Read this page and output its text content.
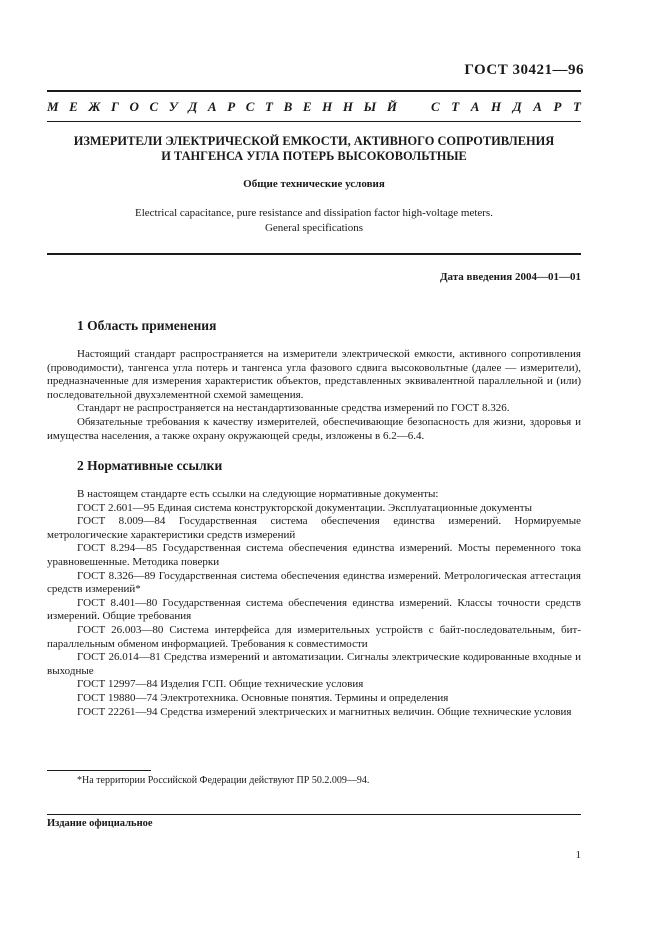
ГОСТ 30421—96
М Е Ж Г О С У Д А Р С Т В Е Н Н Ы Й	С Т А Н Д А Р Т
ИЗМЕРИТЕЛИ ЭЛЕКТРИЧЕСКОЙ ЕМКОСТИ, АКТИВНОГО СОПРОТИВЛЕНИЯ
И ТАНГЕНСА УГЛА ПОТЕРЬ ВЫСОКОВОЛЬТНЫЕ
Общие технические условия
Electrical capacitance, pure resistance and dissipation factor high-voltage meters.
General specifications
Дата введения 2004—01—01
1 Область применения

Настоящий стандарт распространяется на измерители электрической емкости, активного сопротивления (проводимости), тангенса угла потерь и тангенса угла фазового сдвига высоковольтные (далее — измерители), предназначенные для измерения характеристик объектов, представленных эквивалентной параллельной и (или) последовательной двухэлементной схемой замещения.

Стандарт не распространяется на нестандартизованные средства измерений по ГОСТ 8.326.

Обязательные требования к качеству измерителей, обеспечивающие безопасность для жизни, здоровья и имущества населения, а также охрану окружающей среды, изложены в 6.2—6.4.

2 Нормативные ссылки

В настоящем стандарте есть ссылки на следующие нормативные документы:

ГОСТ 2.601—95 Единая система конструкторской документации. Эксплуатационные документы

ГОСТ 8.009—84 Государственная система обеспечения единства измерений. Нормируемые метрологические характеристики средств измерений

ГОСТ 8.294—85 Государственная система обеспечения единства измерений. Мосты переменного тока уравновешенные. Методика поверки

ГОСТ 8.326—89 Государственная система обеспечения единства измерений. Метрологическая аттестация средств измерений*

ГОСТ 8.401—80 Государственная система обеспечения единства измерений. Классы точности средств измерений. Общие требования

ГОСТ 26.003—80 Система интерфейса для измерительных устройств с байт-последовательным, бит-параллельным обменом информацией. Требования к совместимости

ГОСТ 26.014—81 Средства измерений и автоматизации. Сигналы электрические кодированные входные и выходные

ГОСТ 12997—84 Изделия ГСП. Общие технические условия

ГОСТ 19880—74 Электротехника. Основные понятия. Термины и определения

ГОСТ 22261—94 Средства измерений электрических и магнитных величин. Общие технические условия

*На территории Российской Федерации действуют ПР 50.2.009—94.
Издание официальное
1
